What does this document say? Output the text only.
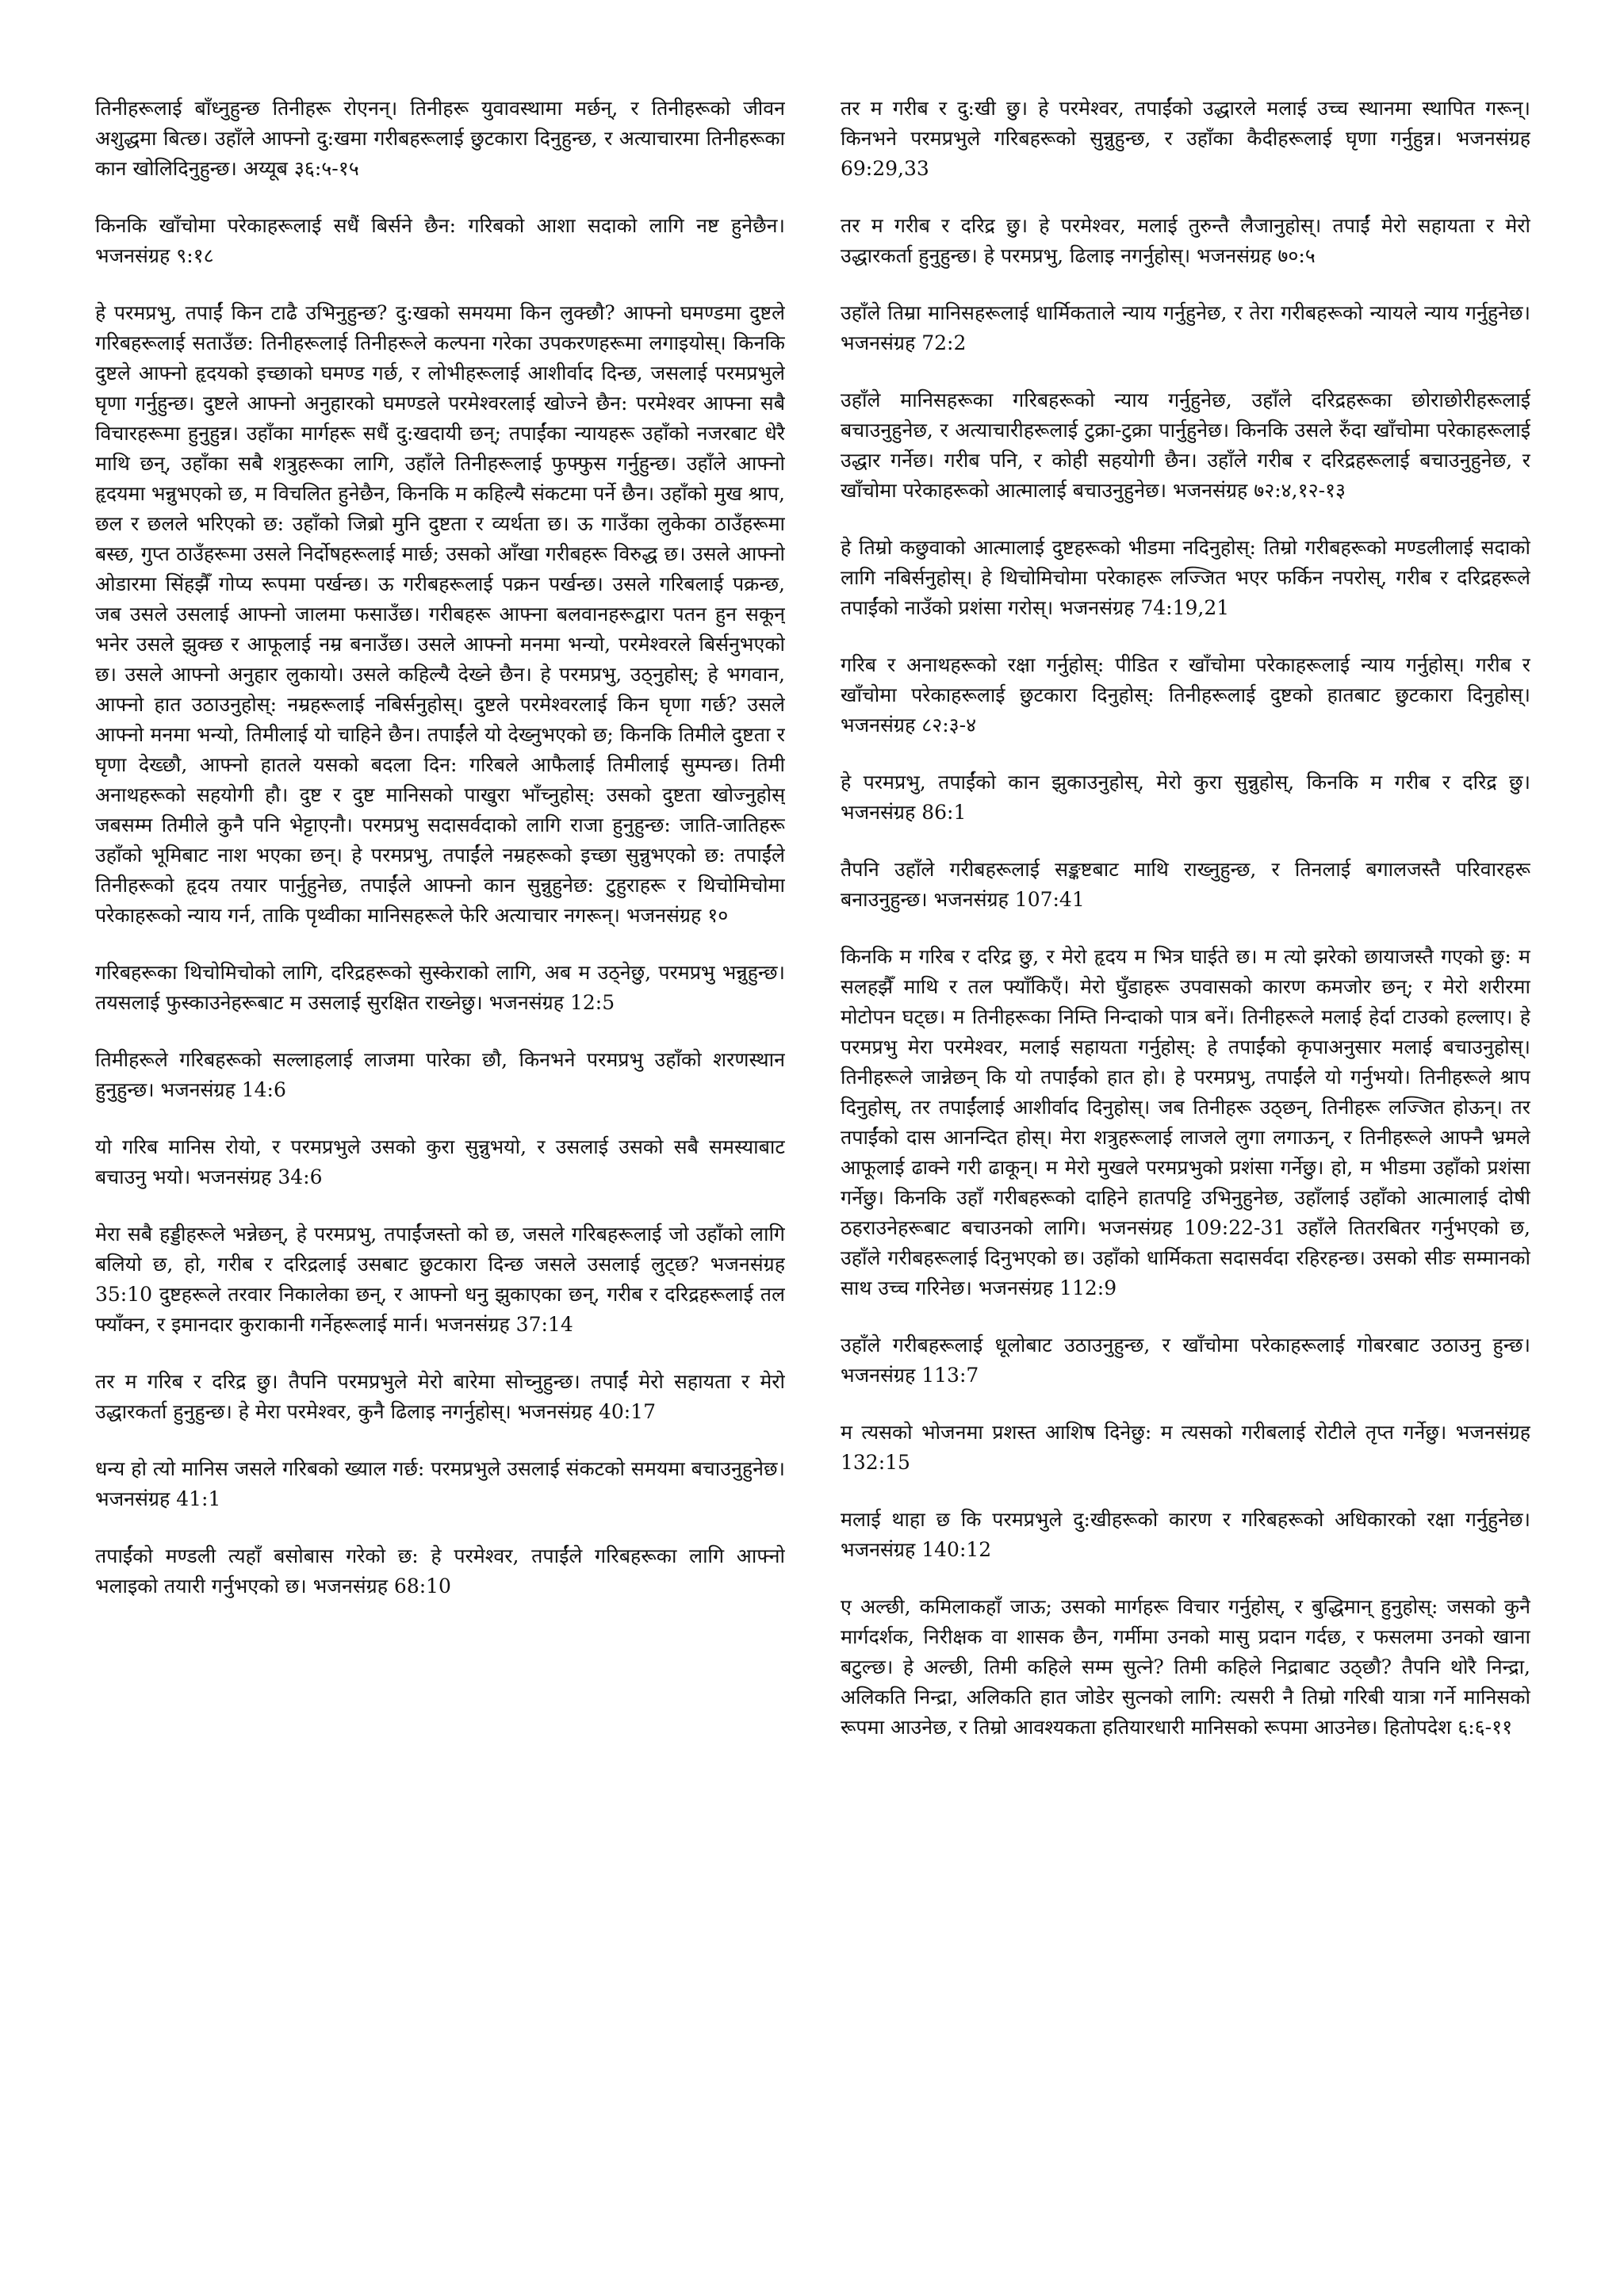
तिनीहरूलाई बाँध्नुहुन्छ तिनीहरू रोएनन्। तिनीहरू युवावस्थामा मर्छन्, र तिनीहरूको जीवन अशुद्धमा बित्छ। उहाँले आफ्नो दु:खमा गरीबहरूलाई छुटकारा दिनुहुन्छ, र अत्याचारमा तिनीहरूका कान खोलिदिनुहुन्छ। अय्यूब ३६:५-१५

किनकि खाँचोमा परेकाहरूलाई सधैं बिर्सने छैन: गरिबको आशा सदाको लागि नष्ट हुनेछैन। भजनसंग्रह ९:१८

हे परमप्रभु, तपाईं किन टाढै उभिनुहुन्छ? दु:खको समयमा किन लुक्छौ? आफ्नो घमण्डमा दुष्टले गरिबहरूलाई सताउँछ: तिनीहरूलाई तिनीहरूले कल्पना गरेका उपकरणहरूमा लगाइयोस्। किनकि दुष्टले आफ्नो हृदयको इच्छाको घमण्ड गर्छ, र लोभीहरूलाई आशीर्वाद दिन्छ, जसलाई परमप्रभुले घृणा गर्नुहुन्छ। दुष्टले आफ्नो अनुहारको घमण्डले परमेश्वरलाई खोज्ने छैन: परमेश्वर आफ्ना सबै विचारहरूमा हुनुहुन्न। उहाँका मार्गहरू सधैं दु:खदायी छन्; तपाईंका न्यायहरू उहाँको नजरबाट धेरै माथि छन्, उहाँका सबै शत्रुहरूका लागि, उहाँले तिनीहरूलाई फुफ्फुस गर्नुहुन्छ। उहाँले आफ्नो हृदयमा भन्नुभएको छ, म विचलित हुनेछैन, किनकि म कहिल्यै संकटमा पर्ने छैन। उहाँको मुख श्राप, छल र छलले भरिएको छ: उहाँको जिब्रो मुनि दुष्टता र व्यर्थता छ। ऊ गाउँका लुकेका ठाउँहरूमा बस्छ, गुप्त ठाउँहरूमा उसले निर्दोषहरूलाई मार्छ; उसको आँखा गरीबहरू विरुद्ध छ। उसले आफ्नो ओडारमा सिंहझैँ गोप्य रूपमा पर्खन्छ। ऊ गरीबहरूलाई पक्रन पर्खन्छ। उसले गरिबलाई पक्रन्छ, जब उसले उसलाई आफ्नो जालमा फसाउँछ। गरीबहरू आफ्ना बलवानहरूद्वारा पतन हुन सकून् भनेर उसले झुक्छ र आफूलाई नम्र बनाउँछ। उसले आफ्नो मनमा भन्यो, परमेश्वरले बिर्सनुभएको छ। उसले आफ्नो अनुहार लुकायो। उसले कहिल्यै देख्ने छैन। हे परमप्रभु, उठ्नुहोस्; हे भगवान, आफ्नो हात उठाउनुहोस्: नम्रहरूलाई नबिर्सनुहोस्। दुष्टले परमेश्वरलाई किन घृणा गर्छ? उसले आफ्नो मनमा भन्यो, तिमीलाई यो चाहिने छैन। तपाईंले यो देख्नुभएको छ; किनकि तिमीले दुष्टता र घृणा देख्छौ, आफ्नो हातले यसको बदला दिन: गरिबले आफैलाई तिमीलाई सुम्पन्छ। तिमी अनाथहरूको सहयोगी हौ। दुष्ट र दुष्ट मानिसको पाखुरा भाँच्नुहोस्: उसको दुष्टता खोज्नुहोस् जबसम्म तिमीले कुनै पनि भेट्टाएनौ। परमप्रभु सदासर्वदाको लागि राजा हुनुहुन्छ: जाति-जातिहरू उहाँको भूमिबाट नाश भएका छन्। हे परमप्रभु, तपाईंले नम्रहरूको इच्छा सुन्नुभएको छ: तपाईंले तिनीहरूको हृदय तयार पार्नुहुनेछ, तपाईंले आफ्नो कान सुन्नुहुनेछ: टुहुराहरू र थिचोमिचोमा परेकाहरूको न्याय गर्न, ताकि पृथ्वीका मानिसहरूले फेरि अत्याचार नगरून्। भजनसंग्रह १०

गरिबहरूका थिचोमिचोको लागि, दरिद्रहरूको सुस्केराको लागि, अब म उठ्नेछु, परमप्रभु भन्नुहुन्छ। तयसलाई फुस्काउनेहरूबाट म उसलाई सुरक्षित राख्नेछु। भजनसंग्रह 12:5

तिमीहरूले गरिबहरूको सल्लाहलाई लाजमा पारेका छौ, किनभने परमप्रभु उहाँको शरणस्थान हुनुहुन्छ। भजनसंग्रह 14:6

यो गरिब मानिस रोयो, र परमप्रभुले उसको कुरा सुन्नुभयो, र उसलाई उसको सबै समस्याबाट बचाउनु भयो। भजनसंग्रह 34:6

मेरा सबै हड्डीहरूले भन्नेछन्, हे परमप्रभु, तपाईंजस्तो को छ, जसले गरिबहरूलाई जो उहाँको लागि बलियो छ, हो, गरीब र दरिद्रलाई उसबाट छुटकारा दिन्छ जसले उसलाई लुट्छ? भजनसंग्रह 35:10 दुष्टहरूले तरवार निकालेका छन्, र आफ्नो धनु झुकाएका छन्, गरीब र दरिद्रहरूलाई तल फ्याँक्न, र इमानदार कुराकानी गर्नेहरूलाई मार्न। भजनसंग्रह 37:14

तर म गरिब र दरिद्र छु। तैपनि परमप्रभुले मेरो बारेमा सोच्नुहुन्छ। तपाईं मेरो सहायता र मेरो उद्धारकर्ता हुनुहुन्छ। हे मेरा परमेश्वर, कुनै ढिलाइ नगर्नुहोस्। भजनसंग्रह 40:17

धन्य हो त्यो मानिस जसले गरिबको ख्याल गर्छ: परमप्रभुले उसलाई संकटको समयमा बचाउनुहुनेछ। भजनसंग्रह 41:1

तपाईंको मण्डली त्यहाँ बसोबास गरेको छ: हे परमेश्वर, तपाईंले गरिबहरूका लागि आफ्नो भलाइको तयारी गर्नुभएको छ। भजनसंग्रह 68:10

तर म गरीब र दु:खी छु। हे परमेश्वर, तपाईंको उद्धारले मलाई उच्च स्थानमा स्थापित गरून्। किनभने परमप्रभुले गरिबहरूको सुन्नुहुन्छ, र उहाँका कैदीहरूलाई घृणा गर्नुहुन्न। भजनसंग्रह 69:29,33

तर म गरीब र दरिद्र छु। हे परमेश्वर, मलाई तुरुन्तै लैजानुहोस्। तपाईं मेरो सहायता र मेरो उद्धारकर्ता हुनुहुन्छ। हे परमप्रभु, ढिलाइ नगर्नुहोस्। भजनसंग्रह ७०:५

उहाँले तिम्रा मानिसहरूलाई धार्मिकताले न्याय गर्नुहुनेछ, र तेरा गरीबहरूको न्यायले न्याय गर्नुहुनेछ। भजनसंग्रह 72:2

उहाँले मानिसहरूका गरिबहरूको न्याय गर्नुहुनेछ, उहाँले दरिद्रहरूका छोराछोरीहरूलाई बचाउनुहुनेछ, र अत्याचारीहरूलाई टुक्रा-टुक्रा पार्नुहुनेछ। किनकि उसले रुँदा खाँचोमा परेकाहरूलाई उद्धार गर्नेछ। गरीब पनि, र कोही सहयोगी छैन। उहाँले गरीब र दरिद्रहरूलाई बचाउनुहुनेछ, र खाँचोमा परेकाहरूको आत्मालाई बचाउनुहुनेछ। भजनसंग्रह ७२:४,१२-१३

हे तिम्रो कछुवाको आत्मालाई दुष्टहरूको भीडमा नदिनुहोस्: तिम्रो गरीबहरूको मण्डलीलाई सदाको लागि नबिर्सनुहोस्। हे थिचोमिचोमा परेकाहरू लज्जित भएर फर्किन नपरोस्, गरीब र दरिद्रहरूले तपाईंको नाउँको प्रशंसा गरोस्। भजनसंग्रह 74:19,21

गरिब र अनाथहरूको रक्षा गर्नुहोस्: पीडित र खाँचोमा परेकाहरूलाई न्याय गर्नुहोस्। गरीब र खाँचोमा परेकाहरूलाई छुटकारा दिनुहोस्: तिनीहरूलाई दुष्टको हातबाट छुटकारा दिनुहोस्। भजनसंग्रह ८२:३-४

हे परमप्रभु, तपाईंको कान झुकाउनुहोस्, मेरो कुरा सुन्नुहोस्, किनकि म गरीब र दरिद्र छु। भजनसंग्रह 86:1

तैपनि उहाँले गरीबहरूलाई सङ्कष्टबाट माथि राख्नुहुन्छ, र तिनलाई बगालजस्तै परिवारहरू बनाउनुहुन्छ। भजनसंग्रह 107:41

किनकि म गरिब र दरिद्र छु, र मेरो हृदय म भित्र घाईते छ। म त्यो झरेको छायाजस्तै गएको छु: म सलहझैँ माथि र तल फ्याँकिएँ। मेरो घुँडाहरू उपवासको कारण कमजोर छन्; र मेरो शरीरमा मोटोपन घट्छ। म तिनीहरूका निम्ति निन्दाको पात्र बनें। तिनीहरूले मलाई हेर्दा टाउको हल्लाए। हे परमप्रभु मेरा परमेश्वर, मलाई सहायता गर्नुहोस्: हे तपाईंको कृपाअनुसार मलाई बचाउनुहोस्। तिनीहरूले जान्नेछन् कि यो तपाईंको हात हो। हे परमप्रभु, तपाईंले यो गर्नुभयो। तिनीहरूले श्राप दिनुहोस्, तर तपाईंलाई आशीर्वाद दिनुहोस्। जब तिनीहरू उठ्छन्, तिनीहरू लज्जित होऊन्। तर तपाईंको दास आनन्दित होस्। मेरा शत्रुहरूलाई लाजले लुगा लगाऊन्, र तिनीहरूले आफ्नै भ्रमले आफूलाई ढाक्ने गरी ढाकून्। म मेरो मुखले परमप्रभुको प्रशंसा गर्नेछु। हो, म भीडमा उहाँको प्रशंसा गर्नेछु। किनकि उहाँ गरीबहरूको दाहिने हातपट्टि उभिनुहुनेछ, उहाँलाई उहाँको आत्मालाई दोषी ठहराउनेहरूबाट बचाउनको लागि। भजनसंग्रह 109:22-31 उहाँले तितरबितर गर्नुभएको छ, उहाँले गरीबहरूलाई दिनुभएको छ। उहाँको धार्मिकता सदासर्वदा रहिरहन्छ। उसको सीङ सम्मानको साथ उच्च गरिनेछ। भजनसंग्रह 112:9

उहाँले गरीबहरूलाई धूलोबाट उठाउनुहुन्छ, र खाँचोमा परेकाहरूलाई गोबरबाट उठाउनु हुन्छ। भजनसंग्रह 113:7

म त्यसको भोजनमा प्रशस्त आशिष दिनेछु: म त्यसको गरीबलाई रोटीले तृप्त गर्नेछु। भजनसंग्रह 132:15

मलाई थाहा छ कि परमप्रभुले दु:खीहरूको कारण र गरिबहरूको अधिकारको रक्षा गर्नुहुनेछ। भजनसंग्रह 140:12

ए अल्छी, कमिलाकहाँ जाऊ; उसको मार्गहरू विचार गर्नुहोस्, र बुद्धिमान् हुनुहोस्: जसको कुनै मार्गदर्शक, निरीक्षक वा शासक छैन, गर्मीमा उनको मासु प्रदान गर्दछ, र फसलमा उनको खाना बटुल्छ। हे अल्छी, तिमी कहिले सम्म सुत्ने? तिमी कहिले निद्राबाट उठ्छौ? तैपनि थोरै निन्द्रा, अलिकति निन्द्रा, अलिकति हात जोडेर सुत्नको लागि: त्यसरी नै तिम्रो गरिबी यात्रा गर्ने मानिसको रूपमा आउनेछ, र तिम्रो आवश्यकता हतियारधारी मानिसको रूपमा आउनेछ। हितोपदेश ६:६-११
